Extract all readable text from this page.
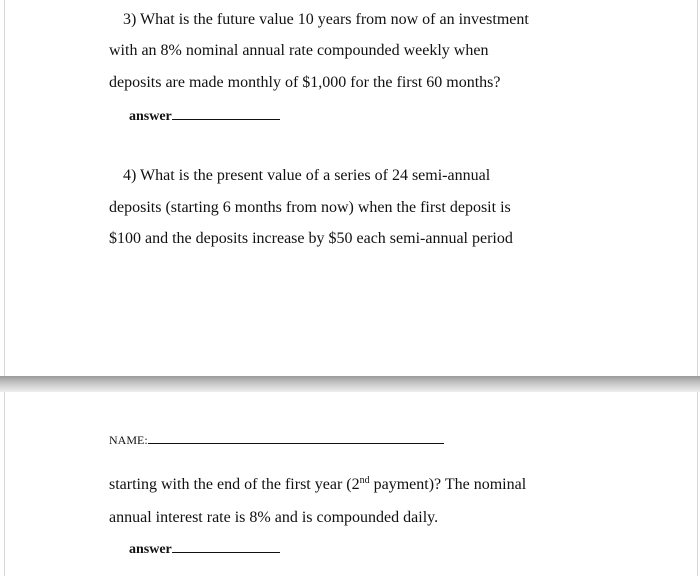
3) What is the future value 10 years from now of an investment
with an 8% nominal annual rate compounded weekly when
deposits are made monthly of $1,000 for the first 60 months?
answer
4) What is the present value of a series of 24 semi-annual
deposits (starting 6 months from now) when the first deposit is
$100 and the deposits increase by $50 each semi-annual period
NAME:
starting with the end of the first year (2nd payment)? The nominal
annual interest rate is 8% and is compounded daily.
answer
